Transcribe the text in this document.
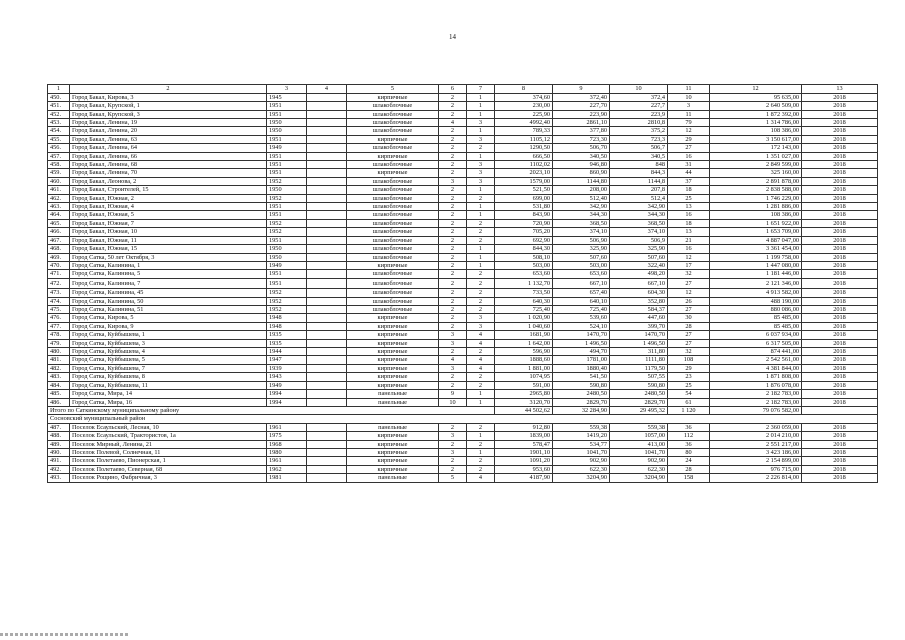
14
1	2	3	4	5	6	7	8	9	10	11	12	13
450.	Город Бакал, Кирова, 3	1945		кирпичные	2	1	374,60	372,40	372,4	10	95 635,00	2018
451.	Город Бакал, Крупской, 1	1951		шлакоблочные	2	1	230,00	227,70	227,7	3	2 640 509,00	2018
452.	Город Бакал, Крупской, 3	1951		шлакоблочные	2	1	225,90	223,90	223,9	11	1 872 392,00	2018
453.	Город Бакал, Ленина, 19	1950		шлакоблочные	4	3	4992,40	2861,10	2810,8	79	1 314 786,00	2018
454.	Город Бакал, Ленина, 20	1950		шлакоблочные	2	1	789,33	377,80	375,2	12	108 386,00	2018
455.	Город Бакал, Ленина, 63	1951		кирпичные	2	3	1105,12	723,30	723,3	29	3 150 617,00	2018
456.	Город Бакал, Ленина, 64	1949		шлакоблочные	2	2	1290,50	506,70	506,7	27	172 143,00	2018
457.	Город Бакал, Ленина, 66	1951		кирпичные	2	1	666,50	340,50	340,5	16	1 351 027,00	2018
458.	Город Бакал, Ленина, 68	1951		шлакоблочные	2	3	1102,02	946,80	848	31	2 849 599,00	2018
459.	Город Бакал, Ленина, 70	1951		кирпичные	2	3	2023,10	860,90	844,3	44	325 160,00	2018
460.	Город Бакал, Леонова, 2	1952		шлакоблочные	3	3	1579,00	1144,80	1144,8	37	2 891 878,00	2018
461.	Город Бакал, Строителей, 15	1950		шлакоблочные	2	1	521,50	208,00	207,8	18	2 838 588,00	2018
462.	Город Бакал, Южная, 2	1952		шлакоблочные	2	2	699,00	512,40	512,4	25	1 746 229,00	2018
463.	Город Бакал, Южная, 4	1951		шлакоблочные	2	1	531,80	342,90	342,90	13	1 281 886,00	2018
464.	Город Бакал, Южная, 5	1951		шлакоблочные	2	1	843,90	344,30	344,30	16	108 386,00	2018
465.	Город Бакал, Южная, 7	1952		шлакоблочные	2	2	720,90	368,50	368,50	18	1 651 922,00	2018
466.	Город Бакал, Южная, 10	1952		шлакоблочные	2	2	705,20	374,10	374,10	13	1 653 709,00	2018
467.	Город Бакал, Южная, 11	1951		шлакоблочные	2	2	692,90	506,90	506,9	21	4 887 047,00	2018
468.	Город Бакал, Южная, 15	1950		шлакоблочные	2	1	844,30	325,90	325,90	16	3 361 454,00	2018
469.	Город Сатка, 50 лет Октября, 3	1950		шлакоблочные	2	1	508,10	507,60	507,60	12	1 199 758,00	2018
470.	Город Сатка, Калинина, 1	1949		кирпичные	2	1	503,00	503,00	322,40	17	1 447 080,00	2018
471.	Город Сатка, Калинина, 5	1951		шлакоблочные	2	2	653,60	653,60	498,20	32	1 181 446,00	2018
472.	Город Сатка, Калинина, 7	1951		шлакоблочные	2	2	1 132,70	667,10	667,10	27	2 121 346,00	2018
473.	Город Сатка, Калинина, 45	1952		шлакоблочные	2	2	733,50	657,40	604,30	12	4 913 582,00	2018
474.	Город Сатка, Калинина, 50	1952		шлакоблочные	2	2	640,30	640,10	352,80	26	488 190,00	2018
475.	Город Сатка, Калинина, 51	1952		шлакоблочные	2	2	725,40	725,40	584,37	27	880 086,00	2018
476.	Город Сатка, Кирова, 5	1948		кирпичные	2	3	1 020,90	539,60	447,60	30	85 485,00	2018
477.	Город Сатка, Кирова, 9	1948		кирпичные	2	3	1 040,60	524,10	399,70	28	85 485,00	2018
478.	Город Сатка, Куйбышева, 1	1935		кирпичные	3	4	1681,90	1470,70	1470,70	27	6 037 934,00	2018
479.	Город Сатка, Куйбышева, 3	1935		кирпичные	3	4	1 642,00	1 496,50	1 496,50	27	6 317 505,00	2018
480.	Город Сатка, Куйбышева, 4	1944		кирпичные	2	2	596,90	494,70	311,80	32	874 441,00	2018
481.	Город Сатка, Куйбышева, 5	1947		кирпичные	4	4	1888,60	1781,00	1111,80	108	2 542 561,00	2018
482.	Город Сатка, Куйбышева, 7	1939		кирпичные	3	4	1 881,00	1880,40	1179,50	29	4 381 844,00	2018
483.	Город Сатка, Куйбышева, 8	1943		кирпичные	2	2	1074,95	541,50	507,55	23	1 871 808,00	2018
484.	Город Сатка, Куйбышева, 11	1949		кирпичные	2	2	591,00	590,80	590,80	25	1 876 078,00	2018
485.	Город Сатка, Мира, 14	1994		панельные	9	1	2965,80	2480,50	2480,50	54	2 182 783,00	2018
486.	Город Сатка, Мира, 16	1994		панельные	10	1	3120,70	2829,70	2829,70	61	2 182 783,00	2018
Итого по Саткинскому муниципальному району							44 502,62	32 284,90	29 495,32	1 120	79 076 582,00	
Сосновский муниципальный район												
487.	Поселок Есаульский, Лесная, 10	1961		панельные	2	2	912,80	559,38	559,38	36	2 360 059,00	2018
488.	Поселок Есаульский, Трактористов, 1а	1975		кирпичные	3	1	1839,00	1419,20	1057,00	112	2 014 210,00	2018
489.	Поселок Мирный, Ленина, 21	1968		кирпичные	2	2	578,47	534,77	413,00	36	2 551 217,00	2018
490.	Поселок Полевой, Солнечная, 11	1980		кирпичные	3	1	1901,10	1041,70	1041,70	80	3 423 186,00	2018
491.	Поселок Полетаево, Пионерская, 1	1961		кирпичные	2	2	1091,20	902,90	902,90	24	2 154 899,00	2018
492.	Поселок Полетаево, Северная, 68	1962		кирпичные	2	2	953,60	622,30	622,30	28	976 715,00	2018
493.	Поселок Рощино, Фабричная, 3	1981		панельные	5	4	4187,90	3204,90	3204,90	158	2 226 814,00	2018
